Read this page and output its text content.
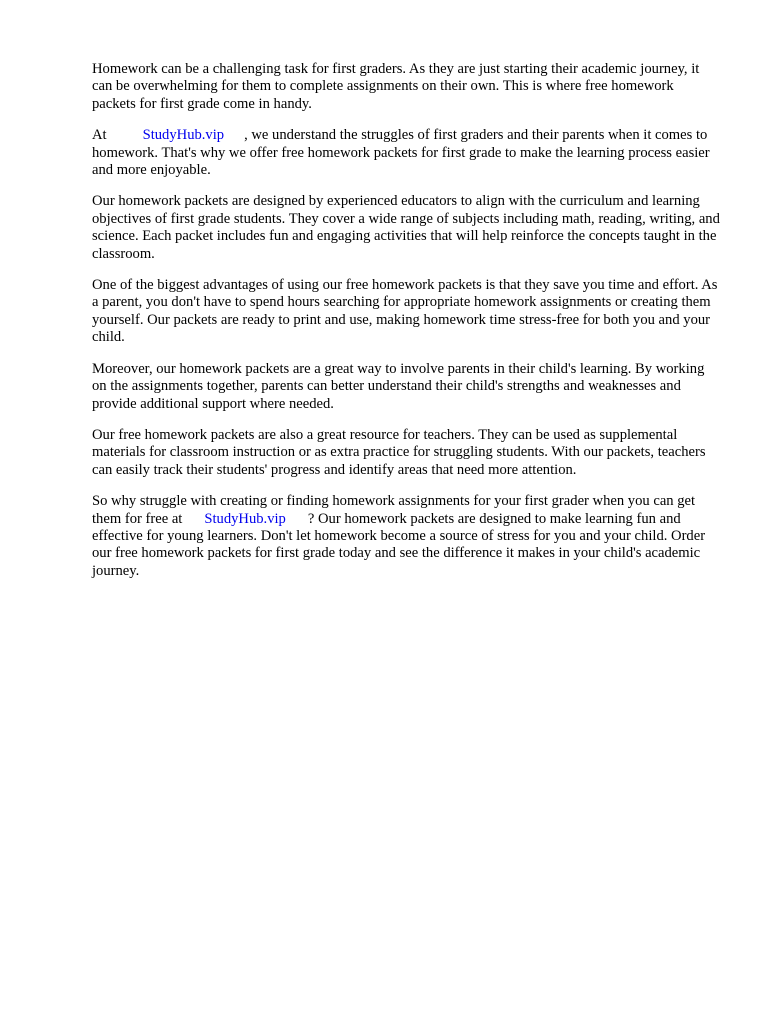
Homework can be a challenging task for first graders. As they are just starting their academic journey, it can be overwhelming for them to complete assignments on their own. This is where free homework packets for first grade come in handy.

At StudyHub.vip , we understand the struggles of first graders and their parents when it comes to homework. That's why we offer free homework packets for first grade to make the learning process easier and more enjoyable.

Our homework packets are designed by experienced educators to align with the curriculum and learning objectives of first grade students. They cover a wide range of subjects including math, reading, writing, and science. Each packet includes fun and engaging activities that will help reinforce the concepts taught in the classroom.

One of the biggest advantages of using our free homework packets is that they save you time and effort. As a parent, you don't have to spend hours searching for appropriate homework assignments or creating them yourself. Our packets are ready to print and use, making homework time stress-free for both you and your child.

Moreover, our homework packets are a great way to involve parents in their child's learning. By working on the assignments together, parents can better understand their child's strengths and weaknesses and provide additional support where needed.

Our free homework packets are also a great resource for teachers. They can be used as supplemental materials for classroom instruction or as extra practice for struggling students. With our packets, teachers can easily track their students' progress and identify areas that need more attention.

So why struggle with creating or finding homework assignments for your first grader when you can get them for free at StudyHub.vip ? Our homework packets are designed to make learning fun and effective for young learners. Don't let homework become a source of stress for you and your child. Order our free homework packets for first grade today and see the difference it makes in your child's academic journey.
